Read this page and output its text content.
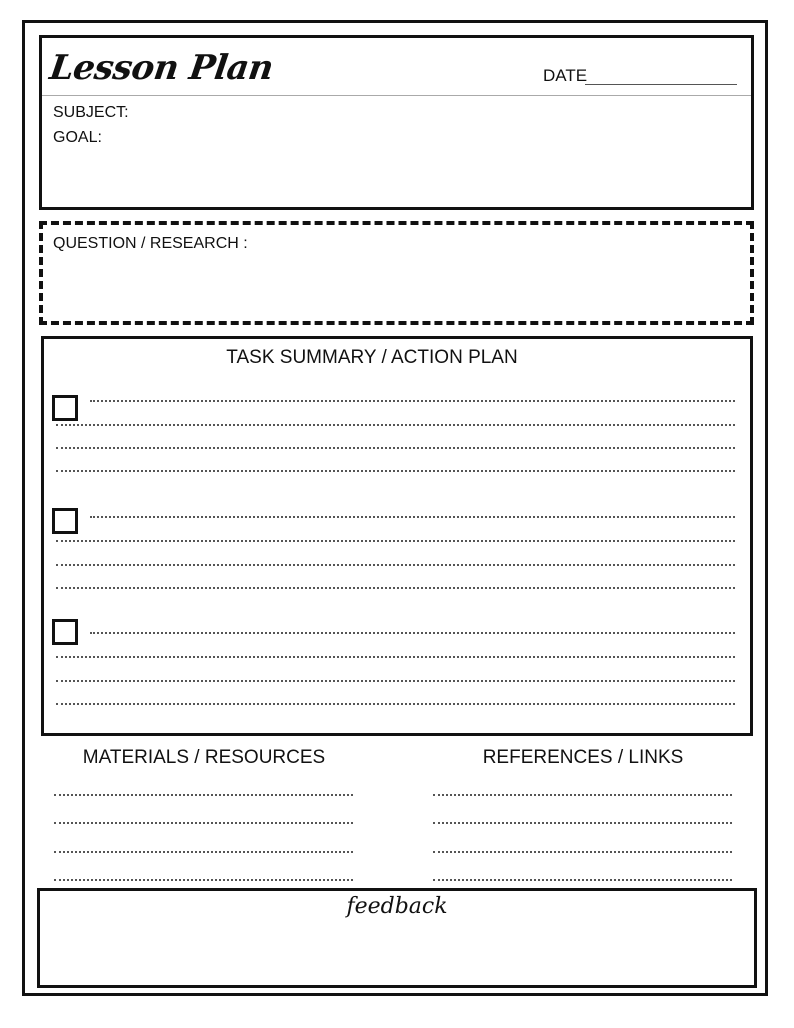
Lesson Plan	DATE
SUBJECT:
GOAL:
QUESTION / RESEARCH :
TASK SUMMARY / ACTION PLAN
MATERIALS / RESOURCES	REFERENCES / LINKS
feedback
